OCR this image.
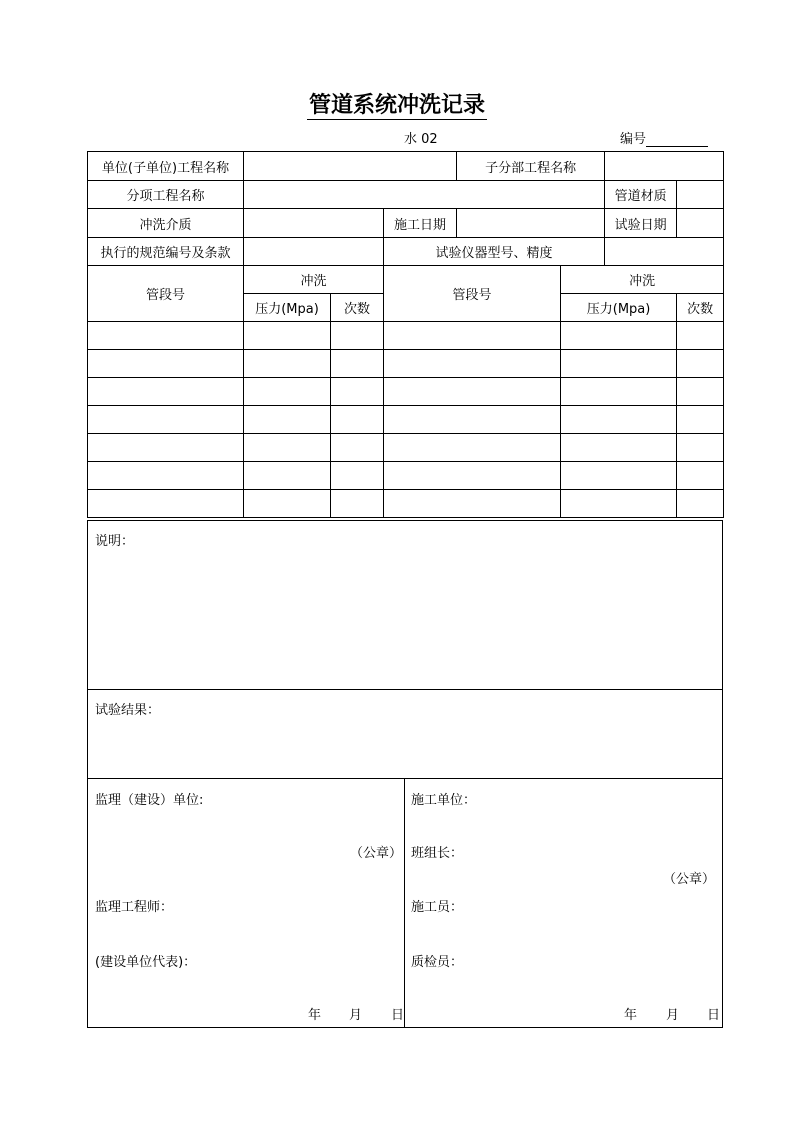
管道系统冲洗记录
水 02	编号
单位(子单位)工程名称				子分部工程名称			
分项工程名称						管道材质	
冲洗介质			施工日期			试验日期	
执行的规范编号及条款			试验仪器型号、精度				
管段号	冲洗		管段号		冲洗		
	压力(Mpa)	次数			压力(Mpa)		次数

说明：
试验结果：
监理（建设）单位:
（公章）
监理工程师：
(建设单位代表)：
年 月 日
施工单位：
班组长：
（公章）
施工员：
质检员：
年 月 日
